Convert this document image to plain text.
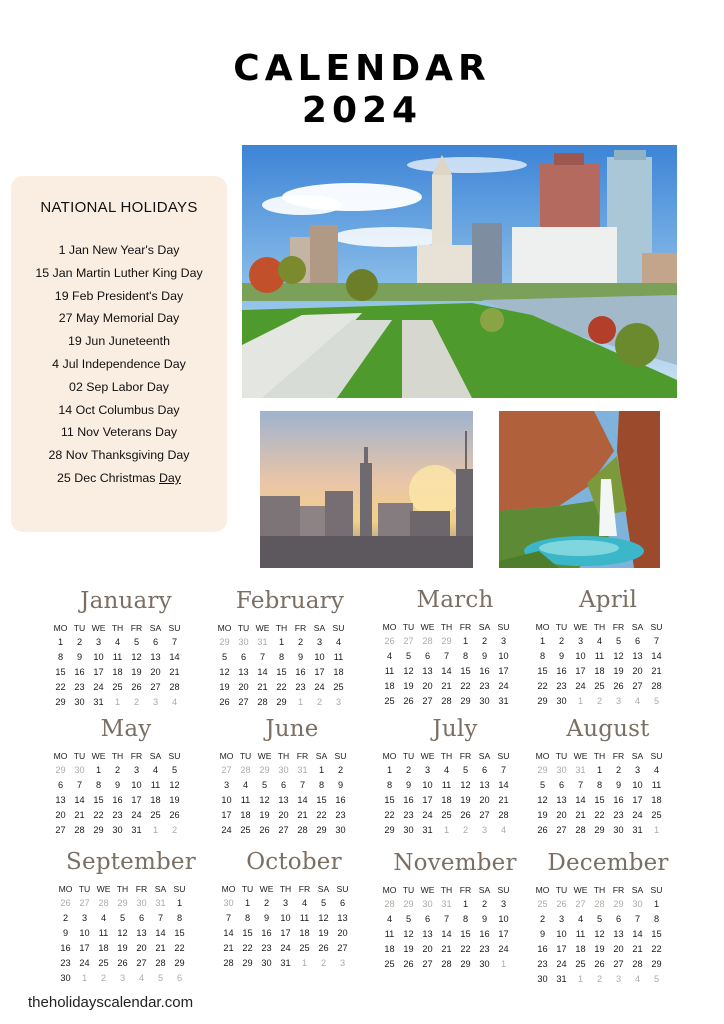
CALENDAR
2024
NATIONAL HOLIDAYS
1 Jan New Year's Day
15 Jan Martin Luther King Day
19 Feb President's Day
27 May Memorial Day
19 Jun Juneteenth
4 Jul Independence Day
02 Sep Labor Day
14 Oct Columbus Day
11 Nov Veterans Day
28 Nov Thanksgiving Day
25 Dec Christmas Day
January
MO TU WE TH FR SA SU
1	2	3	4	5	6	7
8	9	10 11 12 13 14
15 16 17 18 19 20 21
22 23 24 25 26 27 28
29 30 31	1	2	3	4
February
MO TU WE TH FR SA SU
29 30 31	1	2	3	4
5	6	7	8	9	10 11
12 13 14 15 16 17 18
19 20 21 22 23 24 25
26 27 28 29	1	2	3
March
MO TU WE TH FR SA SU
26 27 28 29	1	2	3
4	5	6	7	8	9	10
11 12 13 14 15 16 17
18 19 20 21 22 23 24
25 26 27 28 29 30 31
April
MO TU WE TH FR SA SU
1	2	3	4	5	6	7
8	9	10 11 12 13 14
15 16 17 18 19 20 21
22 23 24 25 26 27 28
29 30	1	2	3	4	5
May
MO TU WE TH FR SA SU
29 30	1	2	3	4	5
6	7	8	9	10 11 12
13 14 15 16 17 18 19
20 21 22 23 24 25 26
27 28 29 30 31	1	2
June
MO TU WE TH FR SA SU
27 28 29 30 31	1	2
3	4	5	6	7	8	9
10 11 12 13 14 15 16
17 18 19 20 21 22 23
24 25 26 27 28 29 30
July
MO TU WE TH FR SA SU
1	2	3	4	5	6	7
8	9	10 11 12 13 14
15 16 17 18 19 20 21
22 23 24 25 26 27 28
29 30 31	1	2	3	4
August
MO TU WE TH FR SA SU
29 30 31	1	2	3	4
5	6	7	8	9	10 11
12 13 14 15 16 17 18
19 20 21 22 23 24 25
26 27 28 29 30 31	1
September
MO TU WE TH FR SA SU
26 27 28 29 30 31	1
2	3	4	5	6	7	8
9	10 11 12 13 14 15
16 17 18 19 20 21 22
23 24 25 26 27 28 29
30	1	2	3	4	5	6
October
MO TU WE TH FR SA SU
30	1	2	3	4	5	6
7	8	9	10 11 12 13
14 15 16 17 18 19 20
21 22 23 24 25 26 27
28 29 30 31	1	2	3
November
MO TU WE TH FR SA SU
28 29 30 31	1	2	3
4	5	6	7	8	9	10
11 12 13 14 15 16 17
18 19 20 21 22 23 24
25 26 27 28 29 30	1
December
MO TU WE TH FR SA SU
25 26 27 28 29 30	1
2	3	4	5	6	7	8
9	10 11 12 13 14 15
16 17 18 19 20 21 22
23 24 25 26 27 28 29
30 31	1	2	3	4	5
theholidayscalendar.com
